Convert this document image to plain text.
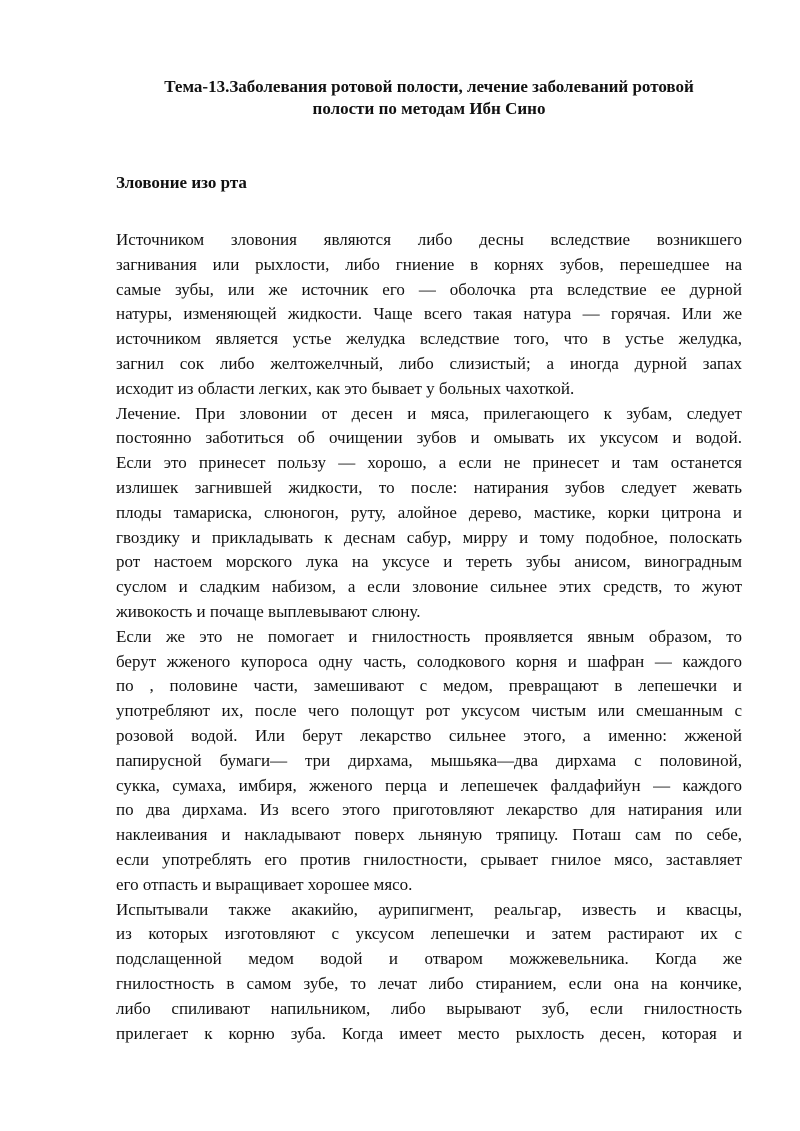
Тема-13.Заболевания ротовой полости, лечение заболеваний ротовой
полости по методам Ибн Сино
Зловоние изо рта
Источником зловония являются либо десны вследствие возникшего
загнивания или рыхлости, либо гниение в корнях зубов, перешедшее на
самые зубы, или же источник его — оболочка рта вследствие ее дурной
натуры, изменяющей жидкости. Чаще всего такая натура — горячая. Или же
источником является устье желудка вследствие того, что в устье желудка,
загнил сок либо желтожелчный, либо слизистый; а иногда дурной запах
исходит из области легких, как это бывает у больных чахоткой.
Лечение. При зловонии от десен и мяса, прилегающего к зубам, следует
постоянно заботиться об очищении зубов и омывать их уксусом и водой.
Если это принесет пользу — хорошо, а если не принесет и там останется
излишек загнившей жидкости, то после: натирания зубов следует жевать
плоды тамариска, слюногон, руту, алойное дерево, мастике, корки цитрона и
гвоздику и прикладывать к деснам сабур, мирру и тому подобное, полоскать
рот настоем морского лука на уксусе и тереть зубы анисом, виноградным
суслом и сладким набизом, а если зловоние сильнее этих средств, то жуют
живокость и почаще выплевывают слюну.
Если же это не помогает и гнилостность проявляется явным образом, то
берут жженого купороса одну часть, солодкового корня и шафран — каждого
по , половине части, замешивают с медом, превращают в лепешечки и
употребляют их, после чего полощут рот уксусом чистым или смешанным с
розовой водой. Или берут лекарство сильнее этого, а именно: жженой
папирусной бумаги— три дирхама, мышьяка—два дирхама с половиной,
сукка, сумаха, имбиря, жженого перца и лепешечек фалдафийун — каждого
по два дирхама. Из всего этого приготовляют лекарство для натирания или
наклеивания и накладывают поверх льняную тряпицу. Поташ сам по себе,
если употреблять его против гнилостности, срывает гнилое мясо, заставляет
его отпасть и выращивает хорошее мясо.
Испытывали также акакийю, аурипигмент, реальгар, известь и квасцы,
из которых изготовляют с уксусом лепешечки и затем растирают их с
подслащенной медом водой и отваром можжевельника. Когда же
гнилостность в самом зубе, то лечат либо стиранием, если она на кончике,
либо спиливают напильником, либо вырывают зуб, если гнилостность
прилегает к корню зуба. Когда имеет место рыхлость десен, которая и
